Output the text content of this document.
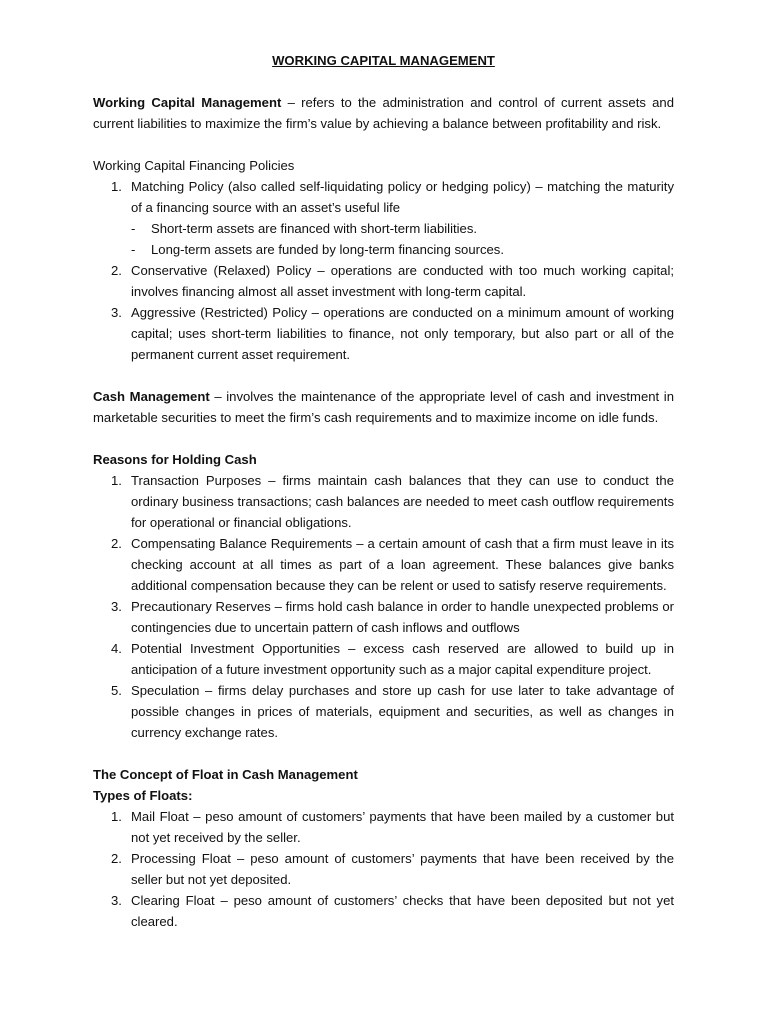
WORKING CAPITAL MANAGEMENT

Working Capital Management – refers to the administration and control of current assets and current liabilities to maximize the firm’s value by achieving a balance between profitability and risk.

Working Capital Financing Policies

1. Matching Policy (also called self-liquidating policy or hedging policy) – matching the maturity of a financing source with an asset’s useful life
- Short-term assets are financed with short-term liabilities.
- Long-term assets are funded by long-term financing sources.
2. Conservative (Relaxed) Policy – operations are conducted with too much working capital; involves financing almost all asset investment with long-term capital.
3. Aggressive (Restricted) Policy – operations are conducted on a minimum amount of working capital; uses short-term liabilities to finance, not only temporary, but also part or all of the permanent current asset requirement.

Cash Management – involves the maintenance of the appropriate level of cash and investment in marketable securities to meet the firm’s cash requirements and to maximize income on idle funds.

Reasons for Holding Cash

1. Transaction Purposes – firms maintain cash balances that they can use to conduct the ordinary business transactions; cash balances are needed to meet cash outflow requirements for operational or financial obligations.
2. Compensating Balance Requirements – a certain amount of cash that a firm must leave in its checking account at all times as part of a loan agreement. These balances give banks additional compensation because they can be relent or used to satisfy reserve requirements.
3. Precautionary Reserves – firms hold cash balance in order to handle unexpected problems or contingencies due to uncertain pattern of cash inflows and outflows
4. Potential Investment Opportunities – excess cash reserved are allowed to build up in anticipation of a future investment opportunity such as a major capital expenditure project.
5. Speculation – firms delay purchases and store up cash for use later to take advantage of possible changes in prices of materials, equipment and securities, as well as changes in currency exchange rates.

The Concept of Float in Cash Management

Types of Floats:

1. Mail Float – peso amount of customers’ payments that have been mailed by a customer but not yet received by the seller.
2. Processing Float – peso amount of customers’ payments that have been received by the seller but not yet deposited.
3. Clearing Float – peso amount of customers’ checks that have been deposited but not yet cleared.
